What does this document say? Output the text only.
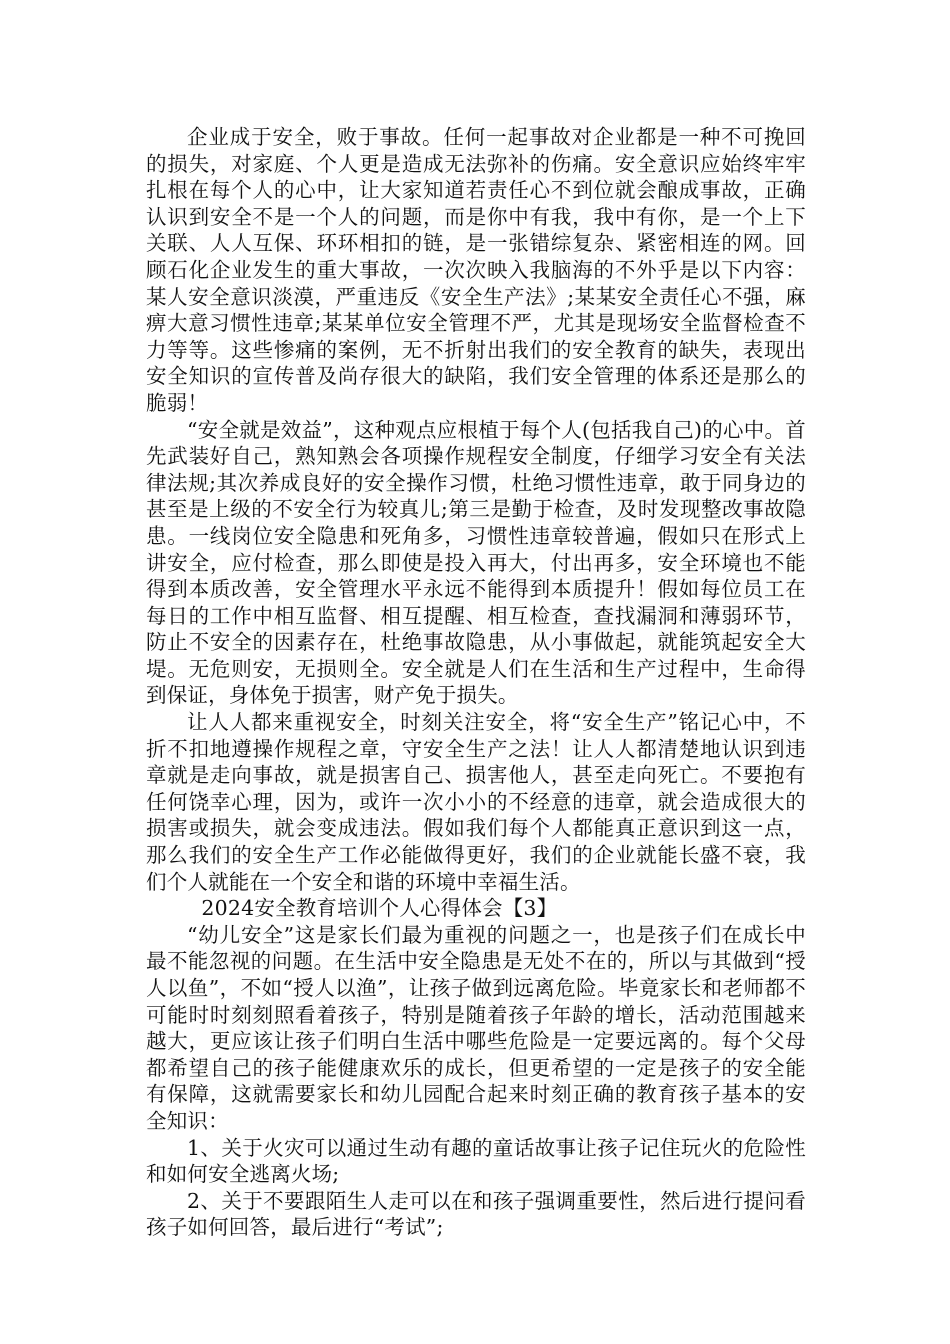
企业成于安全，败于事故。任何一起事故对企业都是一种不可挽回的损失，对家庭、个人更是造成无法弥补的伤痛。安全意识应始终牢牢扎根在每个人的心中，让大家知道若责任心不到位就会酿成事故，正确认识到安全不是一个人的问题，而是你中有我，我中有你，是一个上下关联、人人互保、环环相扣的链，是一张错综复杂、紧密相连的网。回顾石化企业发生的重大事故，一次次映入我脑海的不外乎是以下内容：某人安全意识淡漠，严重违反《安全生产法》;某某安全责任心不强，麻痹大意习惯性违章;某某单位安全管理不严，尤其是现场安全监督检查不力等等。这些惨痛的案例，无不折射出我们的安全教育的缺失，表现出安全知识的宣传普及尚存很大的缺陷，我们安全管理的体系还是那么的脆弱！

“安全就是效益”，这种观点应根植于每个人(包括我自己)的心中。首先武装好自己，熟知熟会各项操作规程安全制度，仔细学习安全有关法律法规;其次养成良好的安全操作习惯，杜绝习惯性违章，敢于同身边的甚至是上级的不安全行为较真儿;第三是勤于检查，及时发现整改事故隐患。一线岗位安全隐患和死角多，习惯性违章较普遍，假如只在形式上讲安全，应付检查，那么即使是投入再大，付出再多，安全环境也不能得到本质改善，安全管理水平永远不能得到本质提升！假如每位员工在每日的工作中相互监督、相互提醒、相互检查，查找漏洞和薄弱环节，防止不安全的因素存在，杜绝事故隐患，从小事做起，就能筑起安全大堤。无危则安，无损则全。安全就是人们在生活和生产过程中，生命得到保证，身体免于损害，财产免于损失。

让人人都来重视安全，时刻关注安全，将“安全生产”铭记心中，不折不扣地遵操作规程之章，守安全生产之法！让人人都清楚地认识到违章就是走向事故，就是损害自己、损害他人，甚至走向死亡。不要抱有任何饶幸心理，因为，或许一次小小的不经意的违章，就会造成很大的损害或损失，就会变成违法。假如我们每个人都能真正意识到这一点，那么我们的安全生产工作必能做得更好，我们的企业就能长盛不衰，我们个人就能在一个安全和谐的环境中幸福生活。

2024安全教育培训个人心得体会【3】

“幼儿安全”这是家长们最为重视的问题之一，也是孩子们在成长中最不能忽视的问题。在生活中安全隐患是无处不在的，所以与其做到“授人以鱼”，不如“授人以渔”，让孩子做到远离危险。毕竟家长和老师都不可能时时刻刻照看着孩子，特别是随着孩子年龄的增长，活动范围越来越大，更应该让孩子们明白生活中哪些危险是一定要远离的。每个父母都希望自己的孩子能健康欢乐的成长，但更希望的一定是孩子的安全能有保障，这就需要家长和幼儿园配合起来时刻正确的教育孩子基本的安全知识：

1、关于火灾可以通过生动有趣的童话故事让孩子记住玩火的危险性和如何安全逃离火场;

2、关于不要跟陌生人走可以在和孩子强调重要性，然后进行提问看孩子如何回答，最后进行“考试”;
